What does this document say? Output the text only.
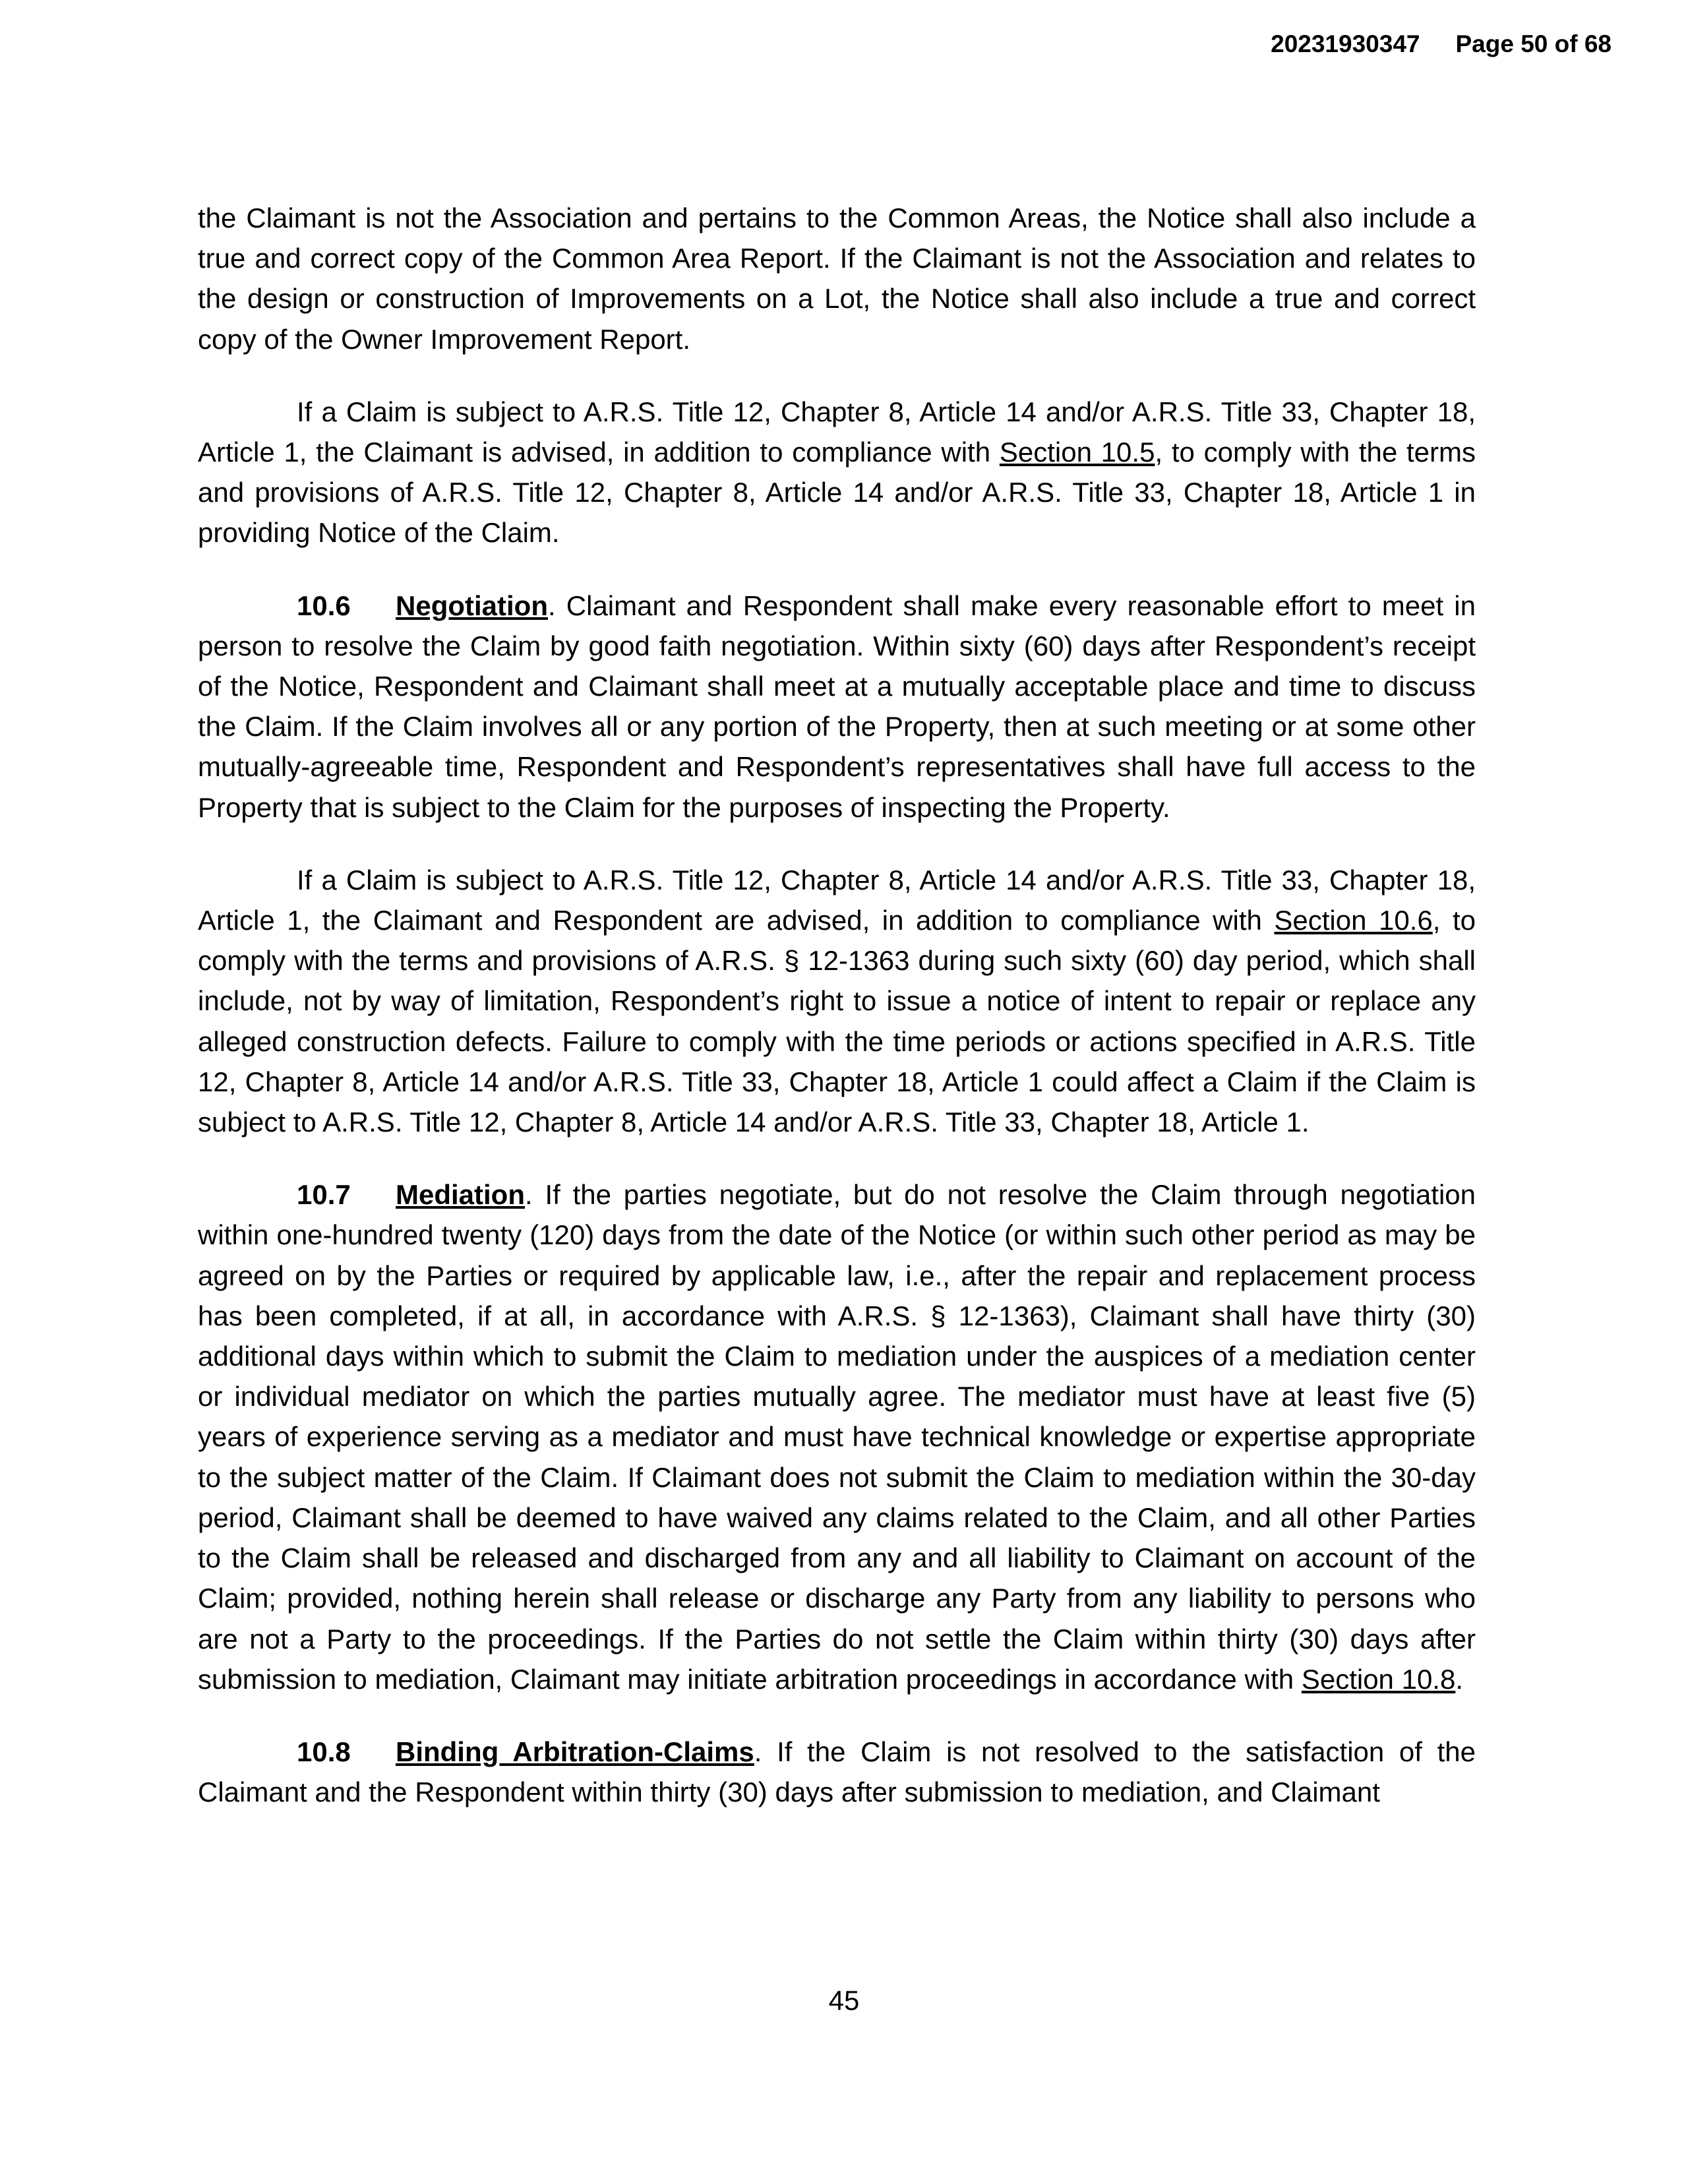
20231930347 Page 50 of 68

the Claimant is not the Association and pertains to the Common Areas, the Notice shall also include a true and correct copy of the Common Area Report. If the Claimant is not the Association and relates to the design or construction of Improvements on a Lot, the Notice shall also include a true and correct copy of the Owner Improvement Report.

If a Claim is subject to A.R.S. Title 12, Chapter 8, Article 14 and/or A.R.S. Title 33, Chapter 18, Article 1, the Claimant is advised, in addition to compliance with Section 10.5, to comply with the terms and provisions of A.R.S. Title 12, Chapter 8, Article 14 and/or A.R.S. Title 33, Chapter 18, Article 1 in providing Notice of the Claim.

10.6 Negotiation. Claimant and Respondent shall make every reasonable effort to meet in person to resolve the Claim by good faith negotiation. Within sixty (60) days after Respondent’s receipt of the Notice, Respondent and Claimant shall meet at a mutually acceptable place and time to discuss the Claim. If the Claim involves all or any portion of the Property, then at such meeting or at some other mutually-agreeable time, Respondent and Respondent’s representatives shall have full access to the Property that is subject to the Claim for the purposes of inspecting the Property.

If a Claim is subject to A.R.S. Title 12, Chapter 8, Article 14 and/or A.R.S. Title 33, Chapter 18, Article 1, the Claimant and Respondent are advised, in addition to compliance with Section 10.6, to comply with the terms and provisions of A.R.S. § 12-1363 during such sixty (60) day period, which shall include, not by way of limitation, Respondent’s right to issue a notice of intent to repair or replace any alleged construction defects. Failure to comply with the time periods or actions specified in A.R.S. Title 12, Chapter 8, Article 14 and/or A.R.S. Title 33, Chapter 18, Article 1 could affect a Claim if the Claim is subject to A.R.S. Title 12, Chapter 8, Article 14 and/or A.R.S. Title 33, Chapter 18, Article 1.

10.7 Mediation. If the parties negotiate, but do not resolve the Claim through negotiation within one-hundred twenty (120) days from the date of the Notice (or within such other period as may be agreed on by the Parties or required by applicable law, i.e., after the repair and replacement process has been completed, if at all, in accordance with A.R.S. § 12-1363), Claimant shall have thirty (30) additional days within which to submit the Claim to mediation under the auspices of a mediation center or individual mediator on which the parties mutually agree. The mediator must have at least five (5) years of experience serving as a mediator and must have technical knowledge or expertise appropriate to the subject matter of the Claim. If Claimant does not submit the Claim to mediation within the 30-day period, Claimant shall be deemed to have waived any claims related to the Claim, and all other Parties to the Claim shall be released and discharged from any and all liability to Claimant on account of the Claim; provided, nothing herein shall release or discharge any Party from any liability to persons who are not a Party to the proceedings. If the Parties do not settle the Claim within thirty (30) days after submission to mediation, Claimant may initiate arbitration proceedings in accordance with Section 10.8.

10.8 Binding Arbitration-Claims. If the Claim is not resolved to the satisfaction of the Claimant and the Respondent within thirty (30) days after submission to mediation, and Claimant

45
